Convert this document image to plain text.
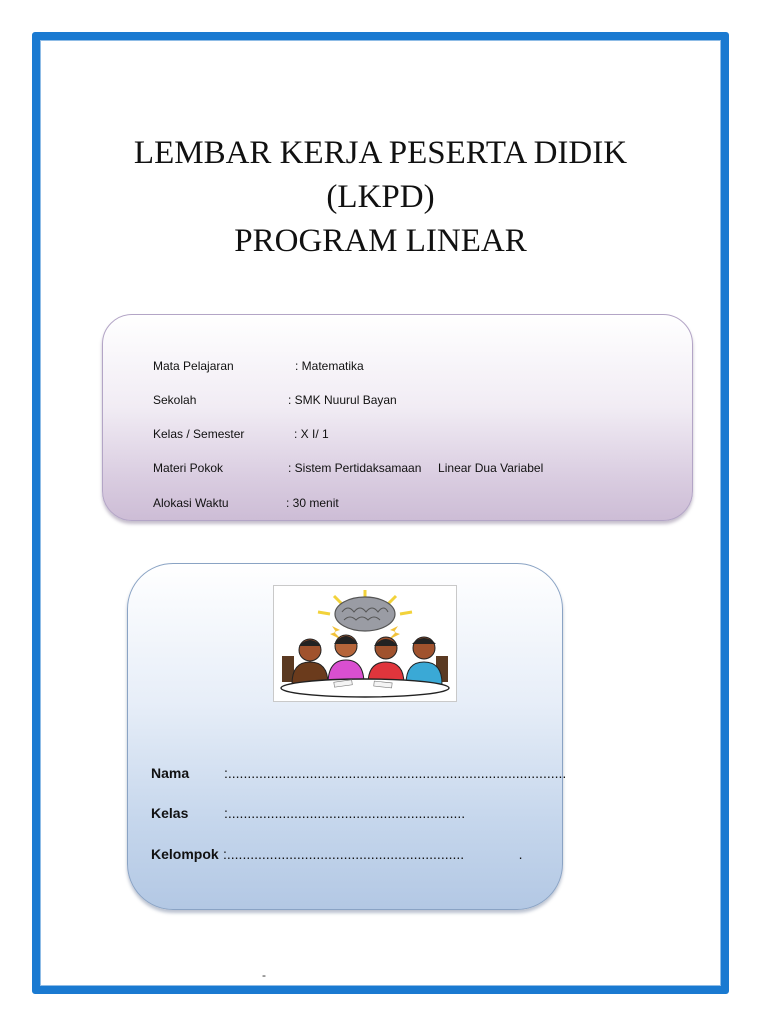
LEMBAR KERJA PESERTA DIDIK
(LKPD)
PROGRAM LINEAR
Mata Pelajaran	: Matematika
Sekolah	: SMK Nuurul Bayan
Kelas / Semester	: X I/ 1
Materi Pokok	: Sistem Pertidaksamaan     Linear Dua Variabel
Alokasi Waktu	: 30 menit
Nama :.......................................................................................
Kelas	:.............................................................
Kelompok :.............................................................              .
-
